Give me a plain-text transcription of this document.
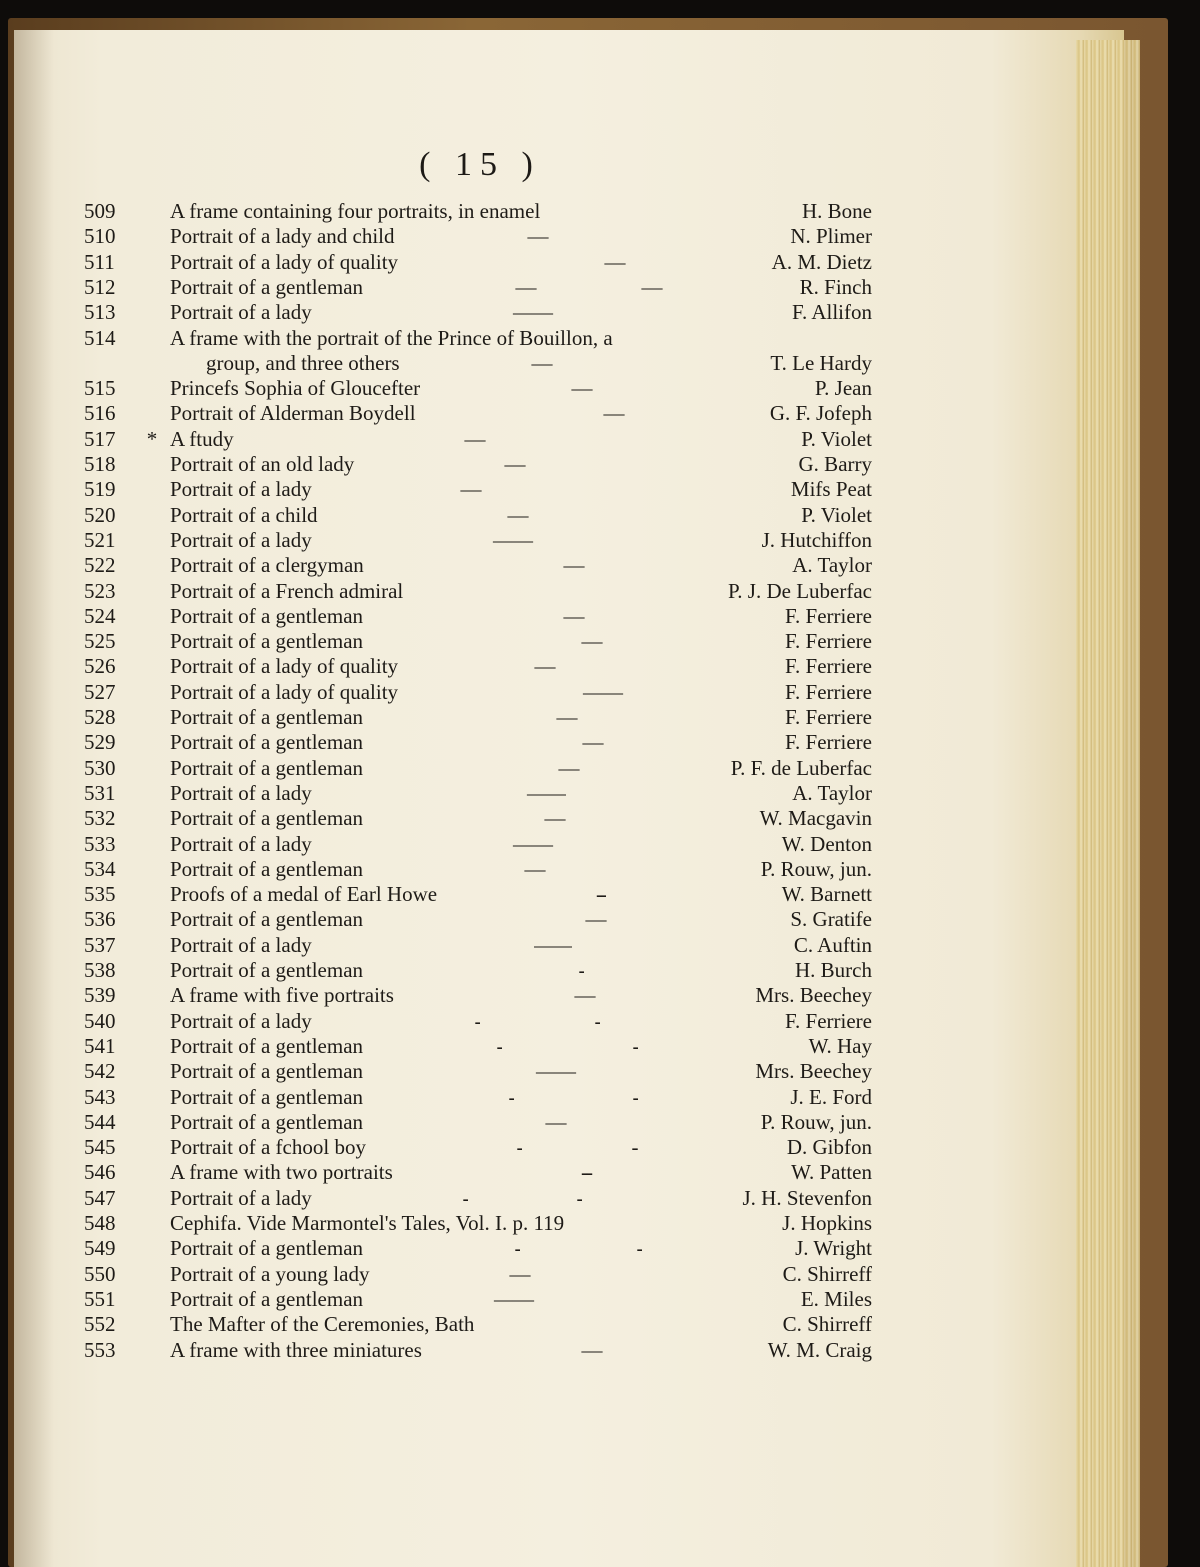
( 15 )
509	A frame containing four portraits, in enamel	H. Bone
510	Portrait of a lady and child	—	N. Plimer
511	Portrait of a lady of quality	—	A. M. Dietz
512	Portrait of a gentleman	—	—	R. Finch
513	Portrait of a lady	——	F. Allifon
514	A frame with the portrait of the Prince of Bouillon, a
group, and three others	—	T. Le Hardy
515	Princefs Sophia of Gloucefter	—	P. Jean
516	Portrait of Alderman Boydell	—	G. F. Jofeph
517	* A ftudy	—	P. Violet
518	Portrait of an old lady	—	G. Barry
519	Portrait of a lady	—	Mifs Peat
520	Portrait of a child	—	P. Violet
521	Portrait of a lady	——	J. Hutchiffon
522	Portrait of a clergyman	—	A. Taylor
523	Portrait of a French admiral	P. J. De Luberfac
524	Portrait of a gentleman	—	F. Ferriere
525	Portrait of a gentleman	—	F. Ferriere
526	Portrait of a lady of quality	—	F. Ferriere
527	Portrait of a lady of quality	——	F. Ferriere
528	Portrait of a gentleman	—	F. Ferriere
529	Portrait of a gentleman	—	F. Ferriere
530	Portrait of a gentleman	—	P. F. de Luberfac
531	Portrait of a lady	——	A. Taylor
532	Portrait of a gentleman	—	W. Macgavin
533	Portrait of a lady	——	W. Denton
534	Portrait of a gentleman	—	P. Rouw, jun.
535	Proofs of a medal of Earl Howe	--	W. Barnett
536	Portrait of a gentleman	—	S. Gratife
537	Portrait of a lady	——	C. Auftin
538	Portrait of a gentleman	-	H. Burch
539	A frame with five portraits	—	Mrs. Beechey
540	Portrait of a lady	-	-	F. Ferriere
541	Portrait of a gentleman	-	-	W. Hay
542	Portrait of a gentleman	——	Mrs. Beechey
543	Portrait of a gentleman	-	-	J. E. Ford
544	Portrait of a gentleman	—	P. Rouw, jun.
545	Portrait of a fchool boy	-	-	D. Gibfon
546	A frame with two portraits	--	W. Patten
547	Portrait of a lady	-	-	J. H. Stevenfon
548	Cephifa. Vide Marmontel's Tales, Vol. I. p. 119	J. Hopkins
549	Portrait of a gentleman	-	-	J. Wright
550	Portrait of a young lady	—	C. Shirreff
551	Portrait of a gentleman	——	E. Miles
552	The Mafter of the Ceremonies, Bath	C. Shirreff
553	A frame with three miniatures	—	W. M. Craig
